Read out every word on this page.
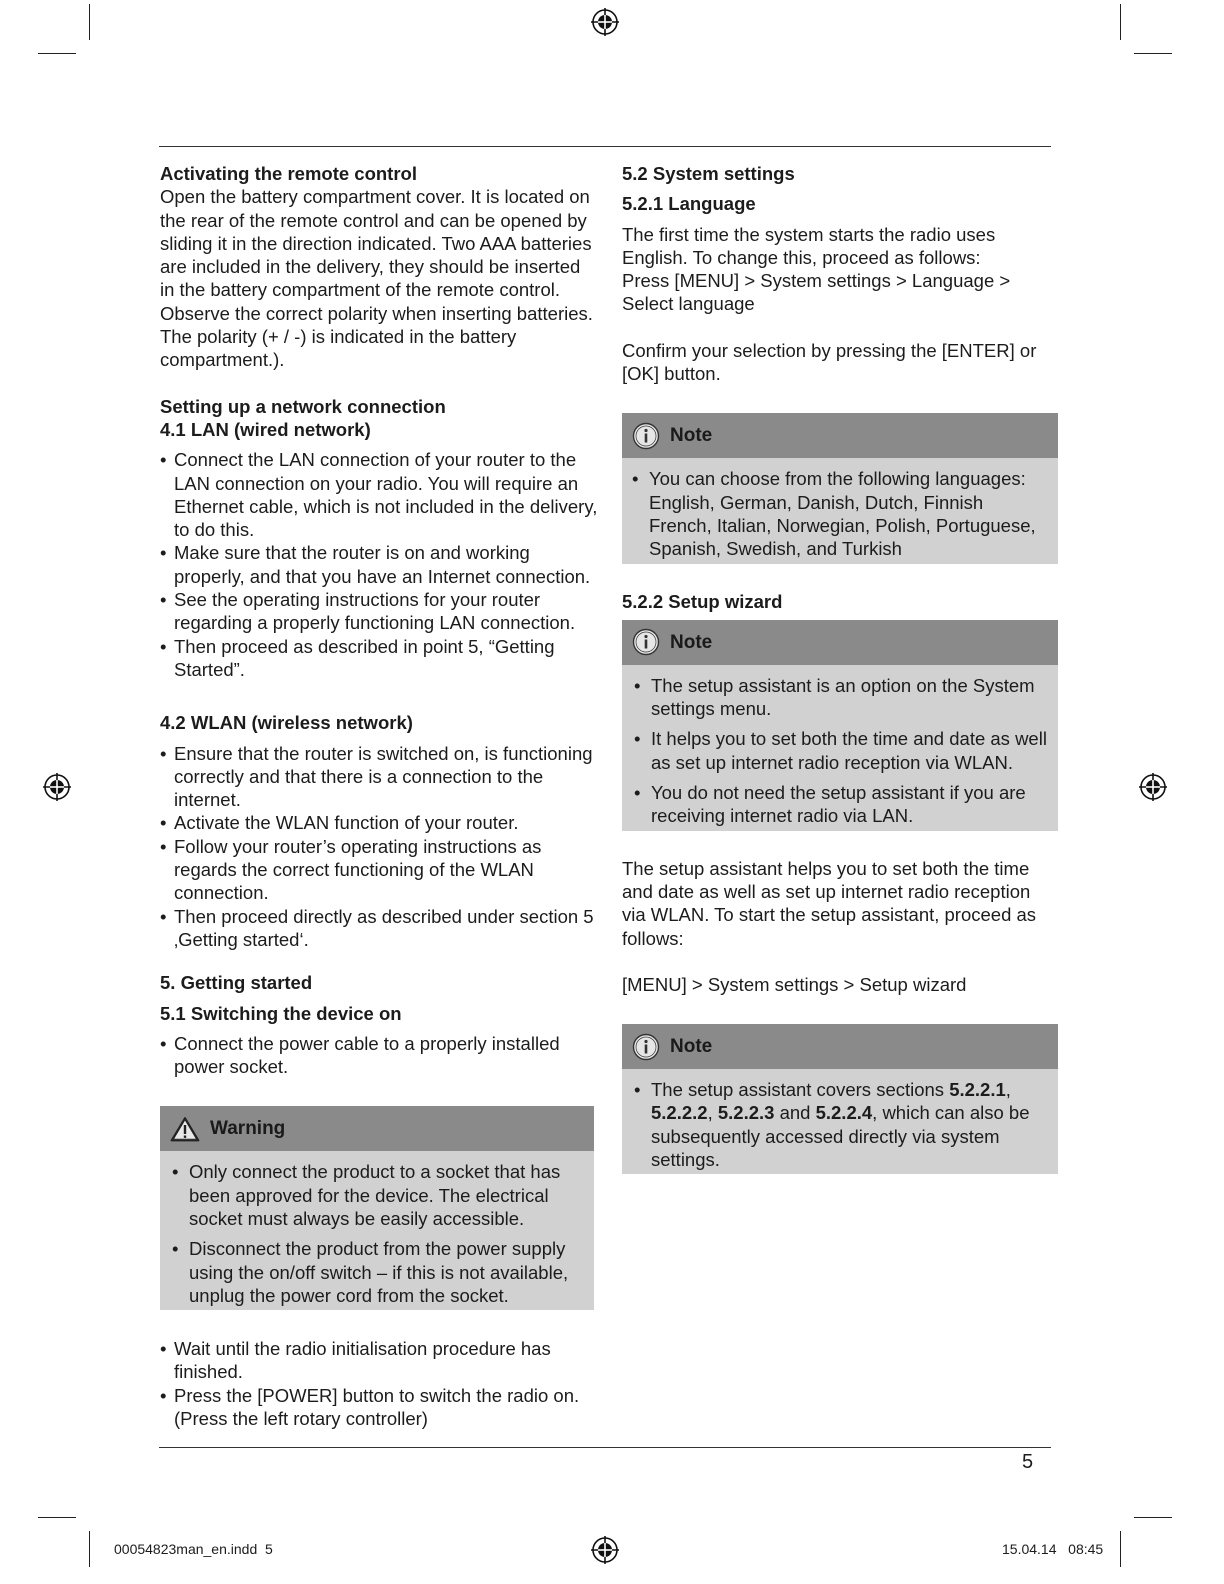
Activating the remote control

Open the battery compartment cover. It is located on the rear of the remote control and can be opened by sliding it in the direction indicated. Two AAA batteries are included in the delivery, they should be inserted in the battery compartment of the remote control. Observe the correct polarity when inserting batteries. The polarity (+ / -) is indicated in the battery compartment.).

Setting up a network connection

4.1 LAN (wired network)

• Connect the LAN connection of your router to the LAN connection on your radio. You will require an Ethernet cable, which is not included in the delivery, to do this.
• Make sure that the router is on and working properly, and that you have an Internet connection.
• See the operating instructions for your router regarding a properly functioning LAN connection.
• Then proceed as described in point 5, “Getting Started”.

4.2 WLAN (wireless network)

• Ensure that the router is switched on, is functioning correctly and that there is a connection to the internet.
• Activate the WLAN function of your router.
• Follow your router’s operating instructions as regards the correct functioning of the WLAN connection.
• Then proceed directly as described under section 5 ‚Getting started‘.

5. Getting started

5.1 Switching the device on

• Connect the power cable to a properly installed power socket.
Warning
• Only connect the product to a socket that has been approved for the device. The electrical socket must always be easily accessible.
• Disconnect the product from the power supply using the on/off switch – if this is not available, unplug the power cord from the socket.
• Wait until the radio initialisation procedure has finished.
• Press the [POWER] button to switch the radio on. (Press the left rotary controller)

5.2 System settings

5.2.1 Language

The first time the system starts the radio uses English. To change this, proceed as follows:

Press [MENU] > System settings > Language > Select language

Confirm your selection by pressing the [ENTER] or [OK] button.

Note
• You can choose from the following languages: English, German, Danish, Dutch, Finnish French, Italian, Norwegian, Polish, Portuguese, Spanish, Swedish, and Turkish

5.2.2 Setup wizard

Note
• The setup assistant is an option on the System settings menu.
• It helps you to set both the time and date as well as set up internet radio reception via WLAN.
• You do not need the setup assistant if you are receiving internet radio via LAN.

The setup assistant helps you to set both the time and date as well as set up internet radio reception via WLAN. To start the setup assistant, proceed as follows:

[MENU] > System settings > Setup wizard

Note
• The setup assistant covers sections 5.2.2.1, 5.2.2.2, 5.2.2.3 and 5.2.2.4, which can also be subsequently accessed directly via system settings.
5
00054823man_en.indd 5	15.04.14 08:45
